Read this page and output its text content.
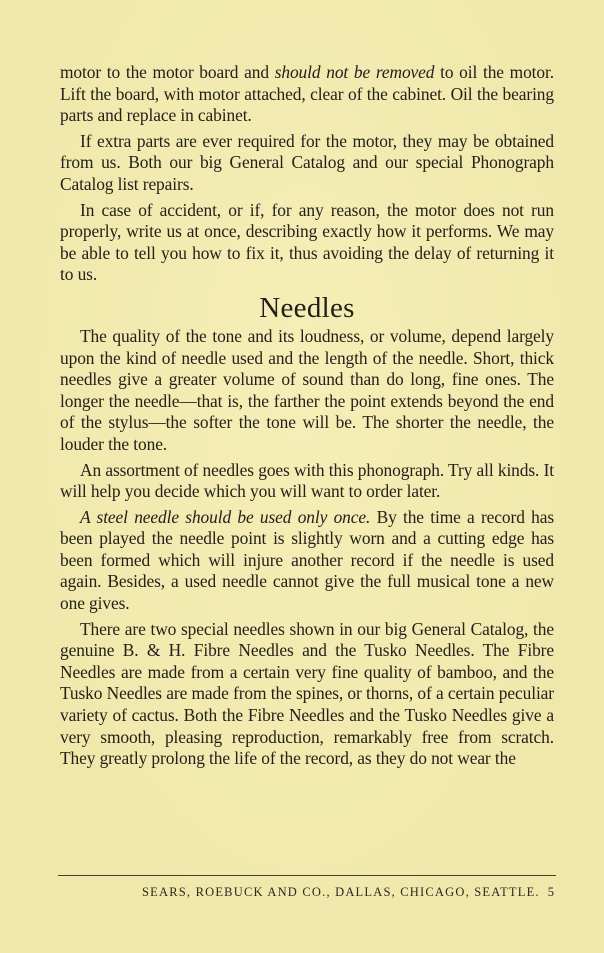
motor to the motor board and should not be removed to oil the motor. Lift the board, with motor attached, clear of the cabinet. Oil the bearing parts and replace in cabinet.

If extra parts are ever required for the motor, they may be obtained from us. Both our big General Catalog and our special Phonograph Catalog list repairs.

In case of accident, or if, for any reason, the motor does not run properly, write us at once, describing exactly how it performs. We may be able to tell you how to fix it, thus avoiding the delay of returning it to us.

Needles

The quality of the tone and its loudness, or volume, depend largely upon the kind of needle used and the length of the needle. Short, thick needles give a greater volume of sound than do long, fine ones. The longer the needle—that is, the farther the point extends beyond the end of the stylus—the softer the tone will be. The shorter the needle, the louder the tone.

An assortment of needles goes with this phonograph. Try all kinds. It will help you decide which you will want to order later.

A steel needle should be used only once. By the time a record has been played the needle point is slightly worn and a cutting edge has been formed which will injure another record if the needle is used again. Besides, a used needle cannot give the full musical tone a new one gives.

There are two special needles shown in our big General Catalog, the genuine B. & H. Fibre Needles and the Tusko Needles. The Fibre Needles are made from a certain very fine quality of bamboo, and the Tusko Needles are made from the spines, or thorns, of a certain peculiar variety of cactus. Both the Fibre Needles and the Tusko Needles give a very smooth, pleasing reproduction, remarkably free from scratch. They greatly prolong the life of the record, as they do not wear the

SEARS, ROEBUCK AND CO., DALLAS, CHICAGO, SEATTLE. 5
